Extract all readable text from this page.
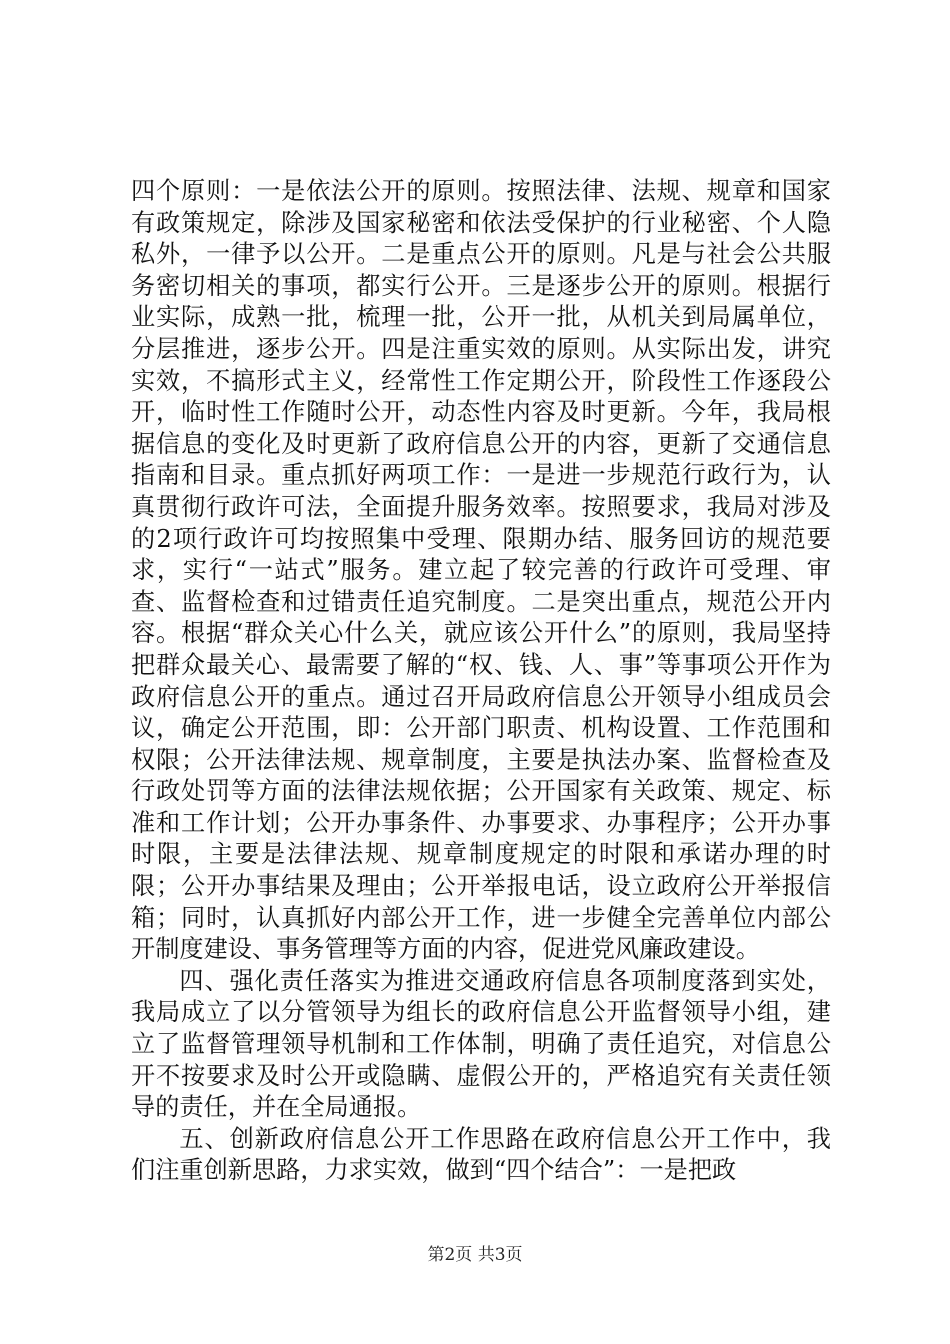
四个原则：一是依法公开的原则。按照法律、法规、规章和国家有政策规定，除涉及国家秘密和依法受保护的行业秘密、个人隐私外，一律予以公开。二是重点公开的原则。凡是与社会公共服务密切相关的事项，都实行公开。三是逐步公开的原则。根据行业实际，成熟一批，梳理一批，公开一批，从机关到局属单位，分层推进，逐步公开。四是注重实效的原则。从实际出发，讲究实效，不搞形式主义，经常性工作定期公开，阶段性工作逐段公开，临时性工作随时公开，动态性内容及时更新。今年，我局根据信息的变化及时更新了政府信息公开的内容，更新了交通信息指南和目录。重点抓好两项工作：一是进一步规范行政行为，认真贯彻行政许可法，全面提升服务效率。按照要求，我局对涉及的2项行政许可均按照集中受理、限期办结、服务回访的规范要求，实行“一站式”服务。建立起了较完善的行政许可受理、审查、监督检查和过错责任追究制度。二是突出重点，规范公开内容。根据“群众关心什么关，就应该公开什么”的原则，我局坚持把群众最关心、最需要了解的“权、钱、人、事”等事项公开作为政府信息公开的重点。通过召开局政府信息公开领导小组成员会议，确定公开范围，即：公开部门职责、机构设置、工作范围和权限；公开法律法规、规章制度，主要是执法办案、监督检查及行政处罚等方面的法律法规依据；公开国家有关政策、规定、标准和工作计划；公开办事条件、办事要求、办事程序；公开办事时限，主要是法律法规、规章制度规定的时限和承诺办理的时限；公开办事结果及理由；公开举报电话，设立政府公开举报信箱；同时，认真抓好内部公开工作，进一步健全完善单位内部公开制度建设、事务管理等方面的内容，促进党风廉政建设。

四、强化责任落实为推进交通政府信息各项制度落到实处，我局成立了以分管领导为组长的政府信息公开监督领导小组，建立了监督管理领导机制和工作体制，明确了责任追究，对信息公开不按要求及时公开或隐瞒、虚假公开的，严格追究有关责任领导的责任，并在全局通报。

五、创新政府信息公开工作思路在政府信息公开工作中，我们注重创新思路，力求实效，做到“四个结合”：一是把政

第2页 共3页
